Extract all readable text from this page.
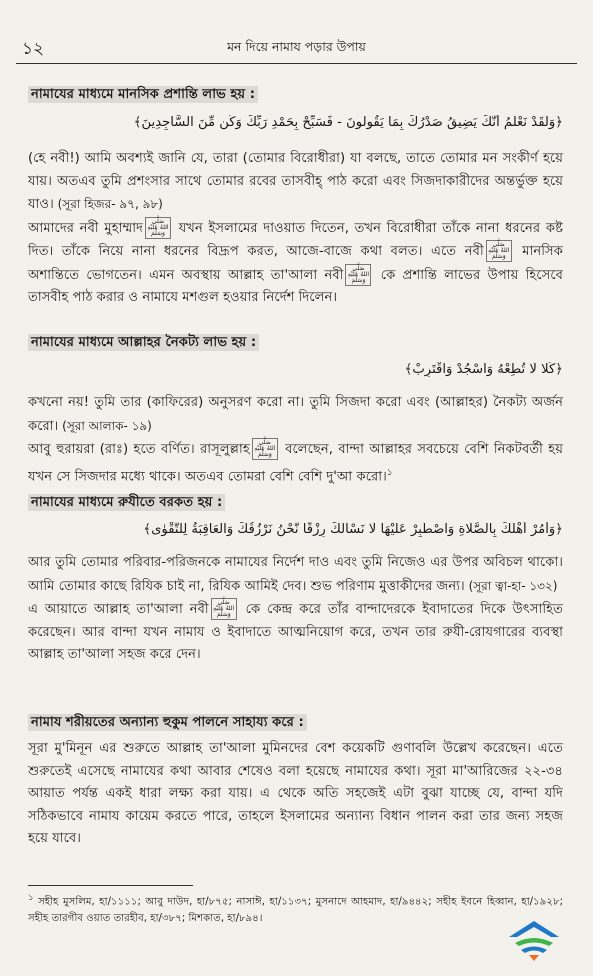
১২	মন দিয়ে নামায পড়ার উপায়
নামাযের মাধ্যমে মানসিক প্রশান্তি লাভ হয় :
﴿وَلَقَدْ نَعْلَمُ أَنَّكَ يَضِيقُ صَدْرُكَ بِمَا يَقُولُونَ - فَسَبِّحْ بِحَمْدِ رَبِّكَ وَكُن مِّنَ السَّاجِدِينَ﴾

(হে নবী!) আমি অবশ্যই জানি যে, তারা (তোমার বিরোধীরা) যা বলছে, তাতে তোমার মন সংকীর্ণ হয়ে যায়। অতএব তুমি প্রশংসার সাথে তোমার রবের তাসবীহ্ পাঠ করো এবং সিজদাকারীদের অন্তর্ভুক্ত হয়ে যাও। (সূরা হিজর- ৯৭, ৯৮)

আমাদের নবী মুহাম্মাদ صَلَّى اللهُ عَلَيْهِ وَسَلَّمَ যখন ইসলামের দাওয়াত দিতেন, তখন বিরোধীরা তাঁকে নানা ধরনের কষ্ট দিত। তাঁকে নিয়ে নানা ধরনের বিদ্রূপ করত, আজে-বাজে কথা বলত। এতে নবী صَلَّى اللهُ عَلَيْهِ وَسَلَّمَ মানসিক অশান্তিতে ভোগতেন। এমন অবস্থায় আল্লাহ তা'আলা নবী صَلَّى اللهُ عَلَيْهِ وَسَلَّمَ কে প্রশান্তি লাভের উপায় হিসেবে তাসবীহ পাঠ করার ও নামাযে মশগুল হওয়ার নির্দেশ দিলেন।

নামাযের মাধ্যমে আল্লাহর নৈকট্য লাভ হয় :
﴿كَلَّا لَا تُطِعْهُ وَاسْجُدْ وَاقْتَرِبْ﴾

কখনো নয়! তুমি তার (কাফিরের) অনুসরণ করো না। তুমি সিজদা করো এবং (আল্লাহর) নৈকট্য অর্জন করো। (সূরা আলাক- ১৯)

আবু হুরায়রা (রাঃ) হতে বর্ণিত। রাসূলুল্লাহ صَلَّى اللهُ عَلَيْهِ وَسَلَّمَ বলেছেন, বান্দা আল্লাহর সবচেয়ে বেশি নিকটবর্তী হয় যখন সে সিজদার মধ্যে থাকে। অতএব তোমরা বেশি বেশি দু'আ করো।$^১$

নামাযের মাধ্যমে রুযীতে বরকত হয় :
﴿وَأْمُرْ أَهْلَكَ بِالصَّلَاةِ وَاصْطَبِرْ عَلَيْهَا لَا نَسْأَلُكَ رِزْقًا نَّحْنُ نَرْزُقُكَ وَالْعَاقِبَةُ لِلتَّقْوٰى﴾

আর তুমি তোমার পরিবার-পরিজনকে নামাযের নির্দেশ দাও এবং তুমি নিজেও এর উপর অবিচল থাকো। আমি তোমার কাছে রিযিক চাই না, রিযিক আমিই দেব। শুভ পরিণাম মুত্তাকীদের জন্য। (সূরা ত্বা-হা- ১৩২)

এ আয়াতে আল্লাহ তা'আলা নবী صَلَّى اللهُ عَلَيْهِ وَسَلَّمَ কে কেন্দ্র করে তাঁর বান্দাদেরকে ইবাদাতের দিকে উৎসাহিত করেছেন। আর বান্দা যখন নামায ও ইবাদাতে আত্মনিয়োগ করে, তখন তার রুযী-রোযগারের ব্যবস্থা আল্লাহ তা'আলা সহজ করে দেন।

নামায শরীয়তের অন্যান্য হুকুম পালনে সাহায্য করে :

সূরা মু'মিনূন এর শুরুতে আল্লাহ তা'আলা মুমিনদের বেশ কয়েকটি গুণাবলি উল্লেখ করেছেন। এতে শুরুতেই এসেছে নামাযের কথা আবার শেষেও বলা হয়েছে নামাযের কথা। সূরা মা'আরিজের ২২-৩৪ আয়াত পর্যন্ত একই ধারা লক্ষ্য করা যায়। এ থেকে অতি সহজেই এটা বুঝা যাচ্ছে যে, বান্দা যদি সঠিকভাবে নামায কায়েম করতে পারে, তাহলে ইসলামের অন্যান্য বিধান পালন করা তার জন্য সহজ হয়ে যাবে।

$^১$ সহীহ মুসলিম, হা/১১১১; আবু দাউদ, হা/৮৭৫; নাসাঈ, হা/১১৩৭; মুসনাদে আহমাদ, হা/৯৪৪২; সহীহ ইবনে হিব্বান, হা/১৯২৮; সহীহ তারগীব ওয়াত তারহীব, হা/৩৮৭; মিশকাত, হা/৮৯৪।
